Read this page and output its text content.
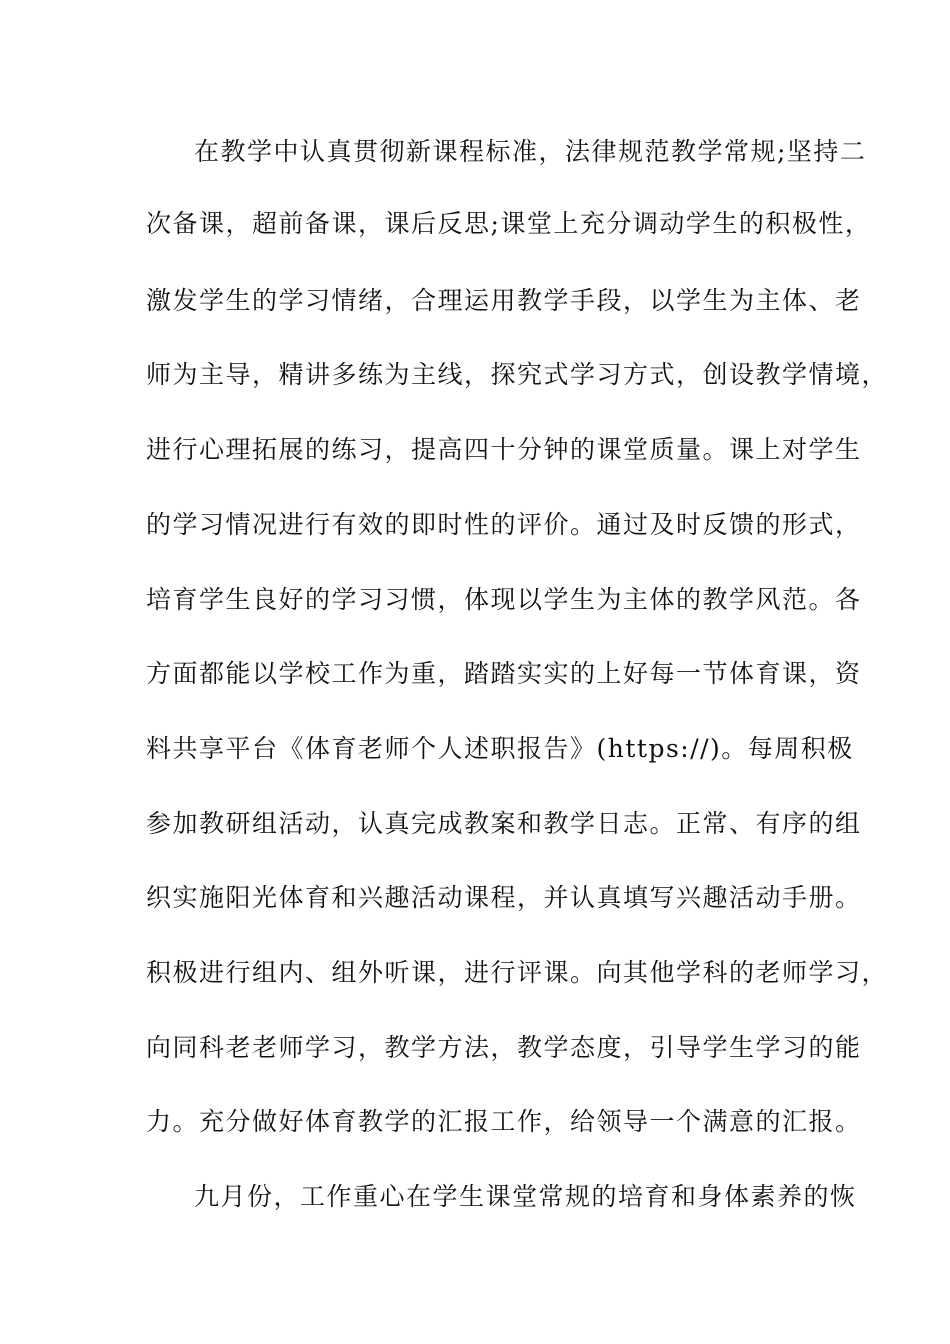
在教学中认真贯彻新课程标准，法律规范教学常规;坚持二
次备课，超前备课，课后反思;课堂上充分调动学生的积极性，
激发学生的学习情绪，合理运用教学手段，以学生为主体、老
师为主导，精讲多练为主线，探究式学习方式，创设教学情境，
进行心理拓展的练习，提高四十分钟的课堂质量。课上对学生
的学习情况进行有效的即时性的评价。通过及时反馈的形式，
培育学生良好的学习习惯，体现以学生为主体的教学风范。各
方面都能以学校工作为重，踏踏实实的上好每一节体育课，资
料共享平台《体育老师个人述职报告》(https://)。每周积极
参加教研组活动，认真完成教案和教学日志。正常、有序的组
织实施阳光体育和兴趣活动课程，并认真填写兴趣活动手册。
积极进行组内、组外听课，进行评课。向其他学科的老师学习，
向同科老老师学习，教学方法，教学态度，引导学生学习的能
力。充分做好体育教学的汇报工作，给领导一个满意的汇报。
九月份，工作重心在学生课堂常规的培育和身体素养的恢
